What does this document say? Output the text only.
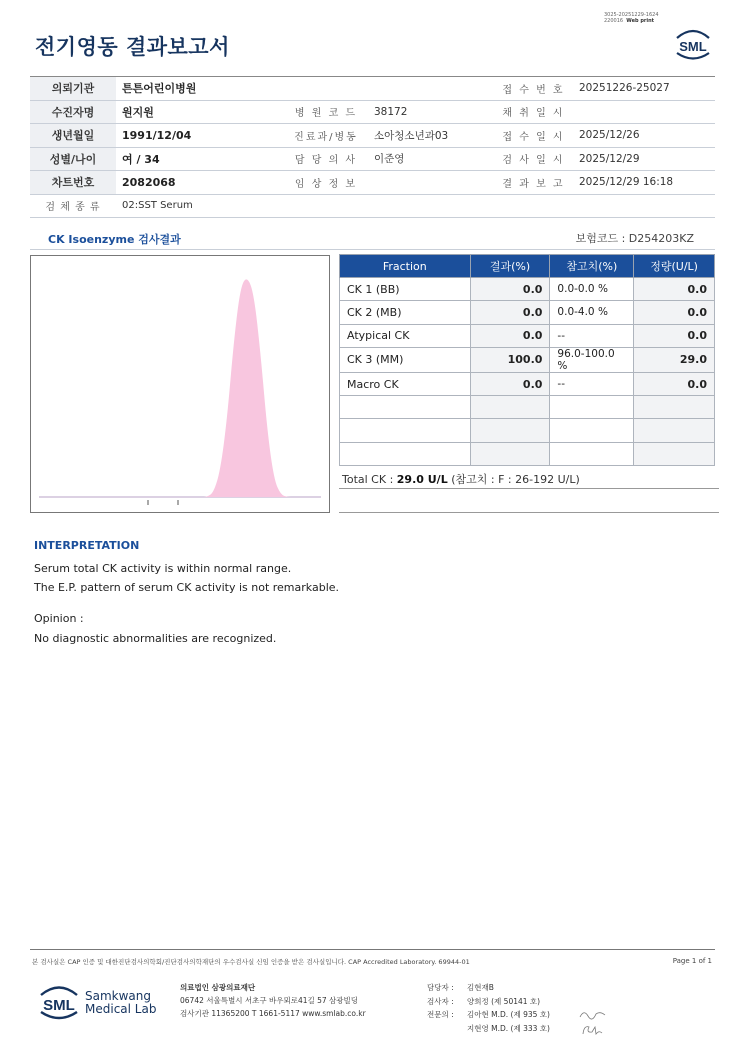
3025-20251229-1624
220016 Web print
전기영동 결과보고서	SML
의뢰기관	튼튼어린이병원			접 수 번 호	20251226-25027
수진자명	원지원	병 원 코 드	38172	채 취 일 시	
생년월일	1991/12/04	진료과/병동	소아청소년과03	접 수 일 시	2025/12/26
성별/나이	여 / 34	담 당 의 사	이준영	검 사 일 시	2025/12/29
차트번호	2082068	임 상 정 보		결 과 보 고	2025/12/29 16:18
검 체 종 류	02:SST Serum				
CK Isoenzyme 검사결과	보험코드 : D254203KZ
Fraction	결과(%)	참고치(%)	정량(U/L)
CK 1 (BB)	0.0	0.0-0.0 %	0.0
CK 2 (MB)	0.0	0.0-4.0 %	0.0
Atypical CK	0.0	--	0.0
CK 3 (MM)	100.0	96.0-100.0 %	29.0
Macro CK	0.0	--	0.0

Total CK : 29.0 U/L (참고치 : F : 26-192 U/L)
INTERPRETATION
Serum total CK activity is within normal range.
The E.P. pattern of serum CK activity is not remarkable.
Opinion :
No diagnostic abnormalities are recognized.
본 검사실은 CAP 인증 및 대한진단검사의학회/진단검사의학재단의 우수검사실 신임 인증을 받은 검사실입니다. CAP Accredited Laboratory. 69944-01	Page 1 of 1
SML
Samkwang
Medical Lab
의료법인 삼광의료재단
06742 서울특별시 서초구 바우뫼로41길 57 삼광빌딩
검사기관 11365200 T 1661-5117 www.smlab.co.kr
담당자 : 김현재B
검사자 : 양희정 (제 50141 호)
전문의 : 김아현 M.D. (제 935 호)
지현영 M.D. (제 333 호)
